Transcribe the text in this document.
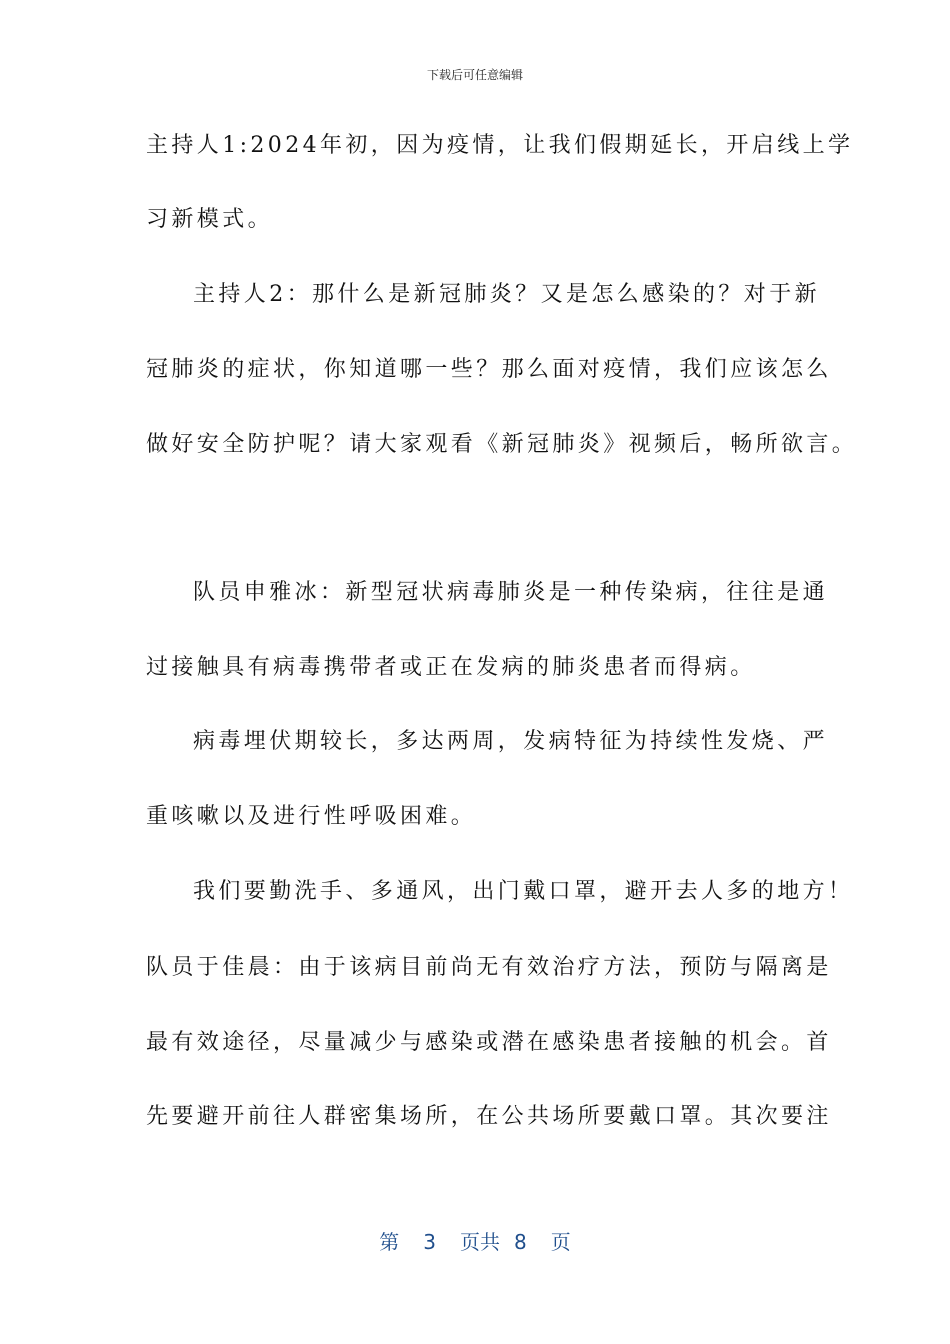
下载后可任意编辑
主持人1:2024年初，因为疫情，让我们假期延长，开启线上学
习新模式。
主持人2：那什么是新冠肺炎？又是怎么感染的？对于新
冠肺炎的症状，你知道哪一些？那么面对疫情，我们应该怎么
做好安全防护呢？请大家观看《新冠肺炎》视频后，畅所欲言。
队员申雅冰：新型冠状病毒肺炎是一种传染病，往往是通
过接触具有病毒携带者或正在发病的肺炎患者而得病。
病毒埋伏期较长，多达两周，发病特征为持续性发烧、严
重咳嗽以及进行性呼吸困难。
我们要勤洗手、多通风，出门戴口罩，避开去人多的地方！
队员于佳晨：由于该病目前尚无有效治疗方法，预防与隔离是
最有效途径，尽量减少与感染或潜在感染患者接触的机会。首
先要避开前往人群密集场所，在公共场所要戴口罩。其次要注
第 3 页共 8 页
